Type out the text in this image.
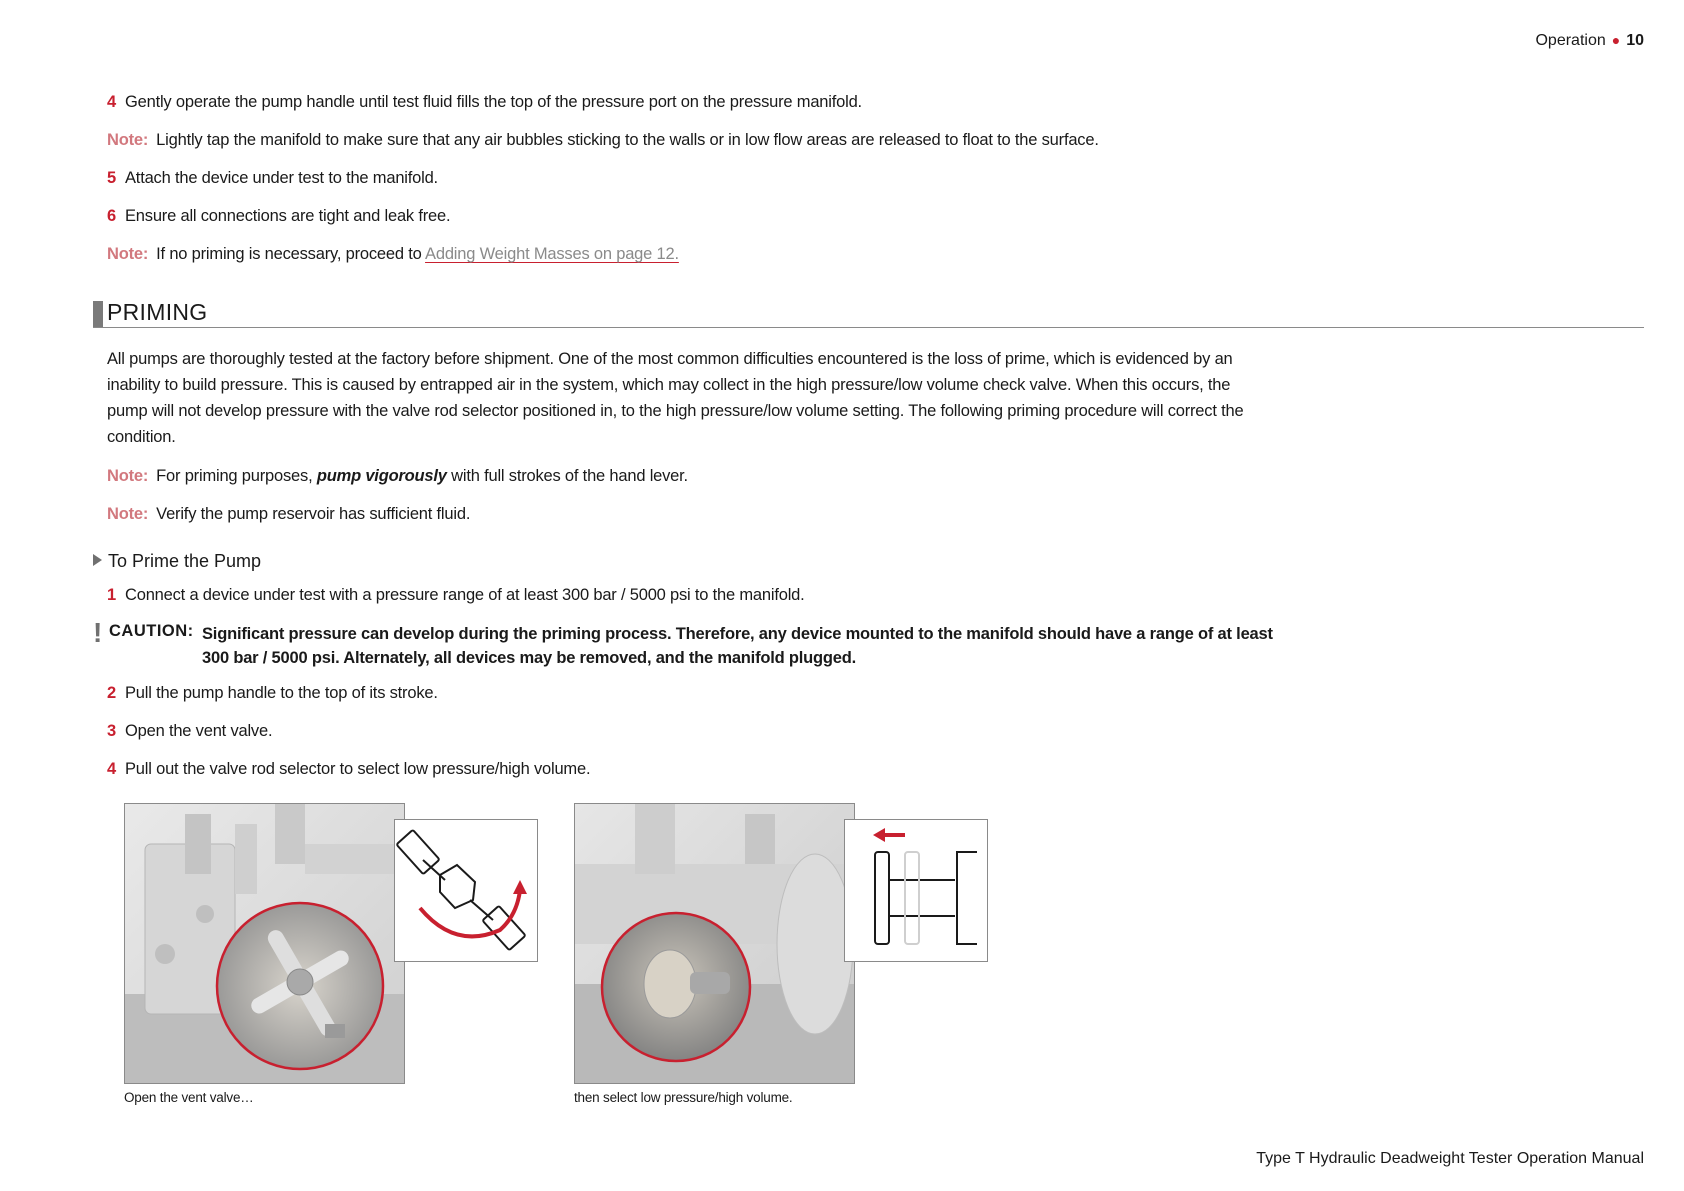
Operation ● 10
4 Gently operate the pump handle until test fluid fills the top of the pressure port on the pressure manifold.
Note: Lightly tap the manifold to make sure that any air bubbles sticking to the walls or in low flow areas are released to float to the surface.
5 Attach the device under test to the manifold.
6 Ensure all connections are tight and leak free.
Note: If no priming is necessary, proceed to Adding Weight Masses on page 12.
PRIMING
All pumps are thoroughly tested at the factory before shipment. One of the most common difficulties encountered is the loss of prime, which is evidenced by an inability to build pressure. This is caused by entrapped air in the system, which may collect in the high pressure/low volume check valve. When this occurs, the pump will not develop pressure with the valve rod selector positioned in, to the high pressure/low volume setting. The following priming procedure will correct the condition.
Note: For priming purposes, pump vigorously with full strokes of the hand lever.
Note: Verify the pump reservoir has sufficient fluid.
To Prime the Pump
1 Connect a device under test with a pressure range of at least 300 bar / 5000 psi to the manifold.
! CAUTION: Significant pressure can develop during the priming process. Therefore, any device mounted to the manifold should have a range of at least 300 bar / 5000 psi. Alternately, all devices may be removed, and the manifold plugged.
2 Pull the pump handle to the top of its stroke.
3 Open the vent valve.
4 Pull out the valve rod selector to select low pressure/high volume.
Open the vent valve…	then select low pressure/high volume.
Type T Hydraulic Deadweight Tester Operation Manual
